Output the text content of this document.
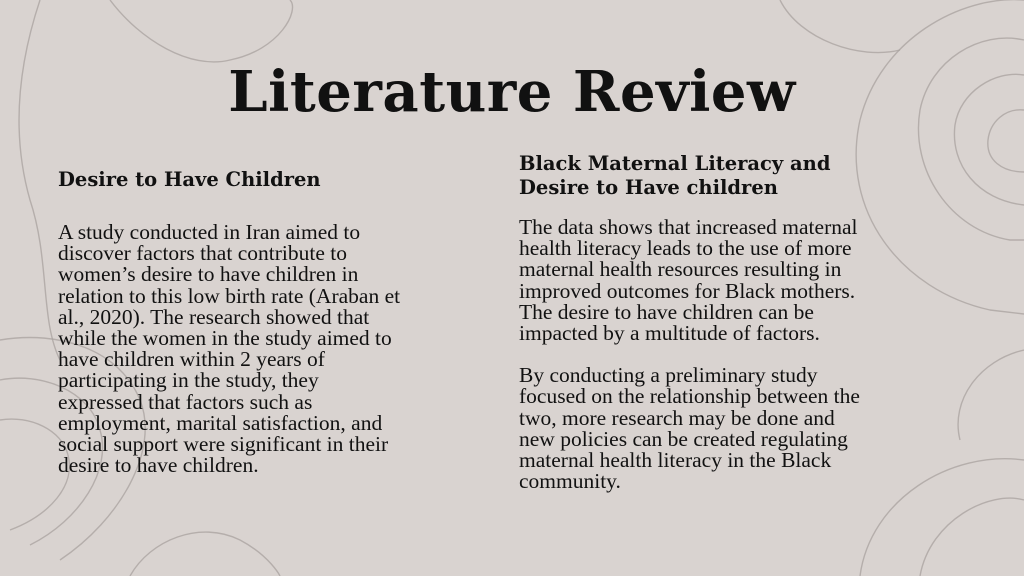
Literature Review
Desire to Have Children

A study conducted in Iran aimed to
discover factors that contribute to
women’s desire to have children in
relation to this low birth rate (Araban et
al., 2020). The research showed that
while the women in the study aimed to
have children within 2 years of
participating in the study, they
expressed that factors such as
employment, marital satisfaction, and
social support were significant in their
desire to have children.

Black Maternal Literacy and
Desire to Have children

The data shows that increased maternal
health literacy leads to the use of more
maternal health resources resulting in
improved outcomes for Black mothers.
The desire to have children can be
impacted by a multitude of factors.

By conducting a preliminary study
focused on the relationship between the
two, more research may be done and
new policies can be created regulating
maternal health literacy in the Black
community.
